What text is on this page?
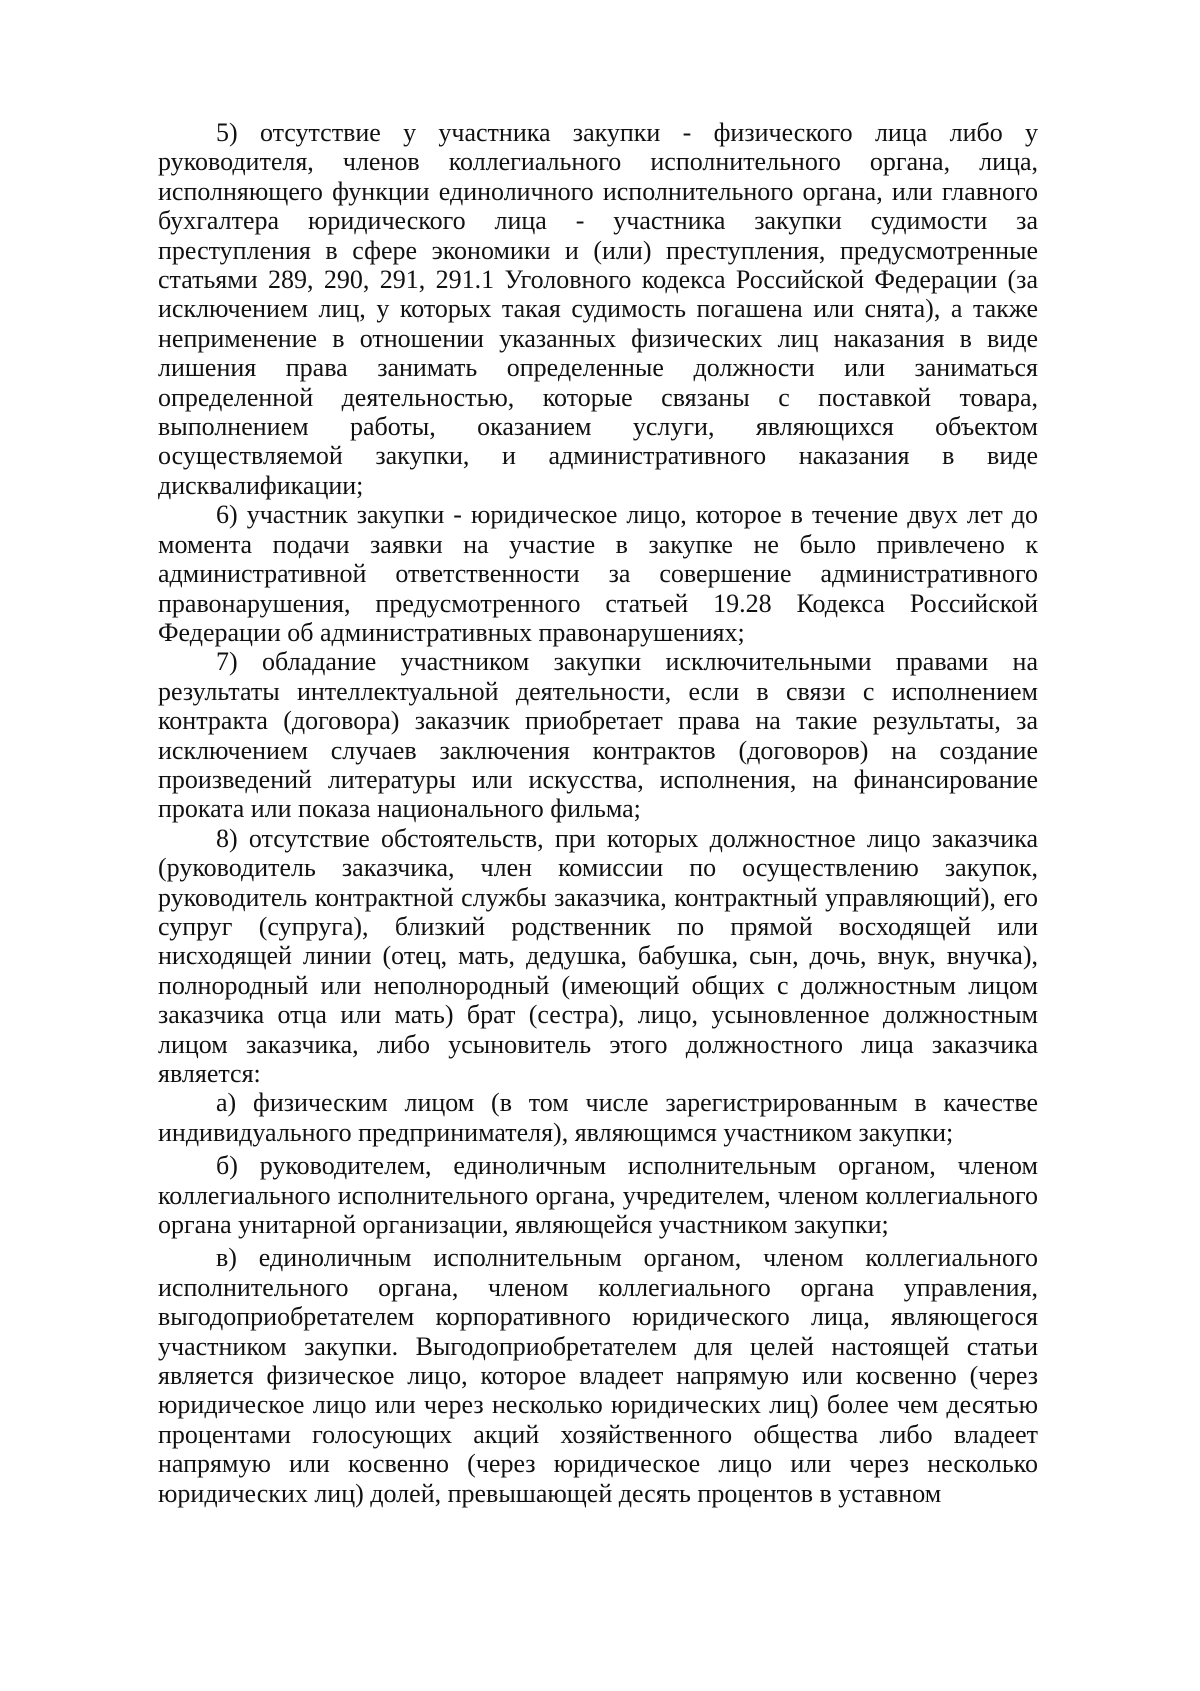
5) отсутствие у участника закупки - физического лица либо у руководителя, членов коллегиального исполнительного органа, лица, исполняющего функции единоличного исполнительного органа, или главного бухгалтера юридического лица - участника закупки судимости за преступления в сфере экономики и (или) преступления, предусмотренные статьями 289, 290, 291, 291.1 Уголовного кодекса Российской Федерации (за исключением лиц, у которых такая судимость погашена или снята), а также неприменение в отношении указанных физических лиц наказания в виде лишения права занимать определенные должности или заниматься определенной деятельностью, которые связаны с поставкой товара, выполнением работы, оказанием услуги, являющихся объектом осуществляемой закупки, и административного наказания в виде дисквалификации;

6) участник закупки - юридическое лицо, которое в течение двух лет до момента подачи заявки на участие в закупке не было привлечено к административной ответственности за совершение административного правонарушения, предусмотренного статьей 19.28 Кодекса Российской Федерации об административных правонарушениях;

7) обладание участником закупки исключительными правами на результаты интеллектуальной деятельности, если в связи с исполнением контракта (договора) заказчик приобретает права на такие результаты, за исключением случаев заключения контрактов (договоров) на создание произведений литературы или искусства, исполнения, на финансирование проката или показа национального фильма;

8) отсутствие обстоятельств, при которых должностное лицо заказчика (руководитель заказчика, член комиссии по осуществлению закупок, руководитель контрактной службы заказчика, контрактный управляющий), его супруг (супруга), близкий родственник по прямой восходящей или нисходящей линии (отец, мать, дедушка, бабушка, сын, дочь, внук, внучка), полнородный или неполнородный (имеющий общих с должностным лицом заказчика отца или мать) брат (сестра), лицо, усыновленное должностным лицом заказчика, либо усыновитель этого должностного лица заказчика является:

а) физическим лицом (в том числе зарегистрированным в качестве индивидуального предпринимателя), являющимся участником закупки;

б) руководителем, единоличным исполнительным органом, членом коллегиального исполнительного органа, учредителем, членом коллегиального органа унитарной организации, являющейся участником закупки;

в) единоличным исполнительным органом, членом коллегиального исполнительного органа, членом коллегиального органа управления, выгодоприобретателем корпоративного юридического лица, являющегося участником закупки. Выгодоприобретателем для целей настоящей статьи является физическое лицо, которое владеет напрямую или косвенно (через юридическое лицо или через несколько юридических лиц) более чем десятью процентами голосующих акций хозяйственного общества либо владеет напрямую или косвенно (через юридическое лицо или через несколько юридических лиц) долей, превышающей десять процентов в уставном
